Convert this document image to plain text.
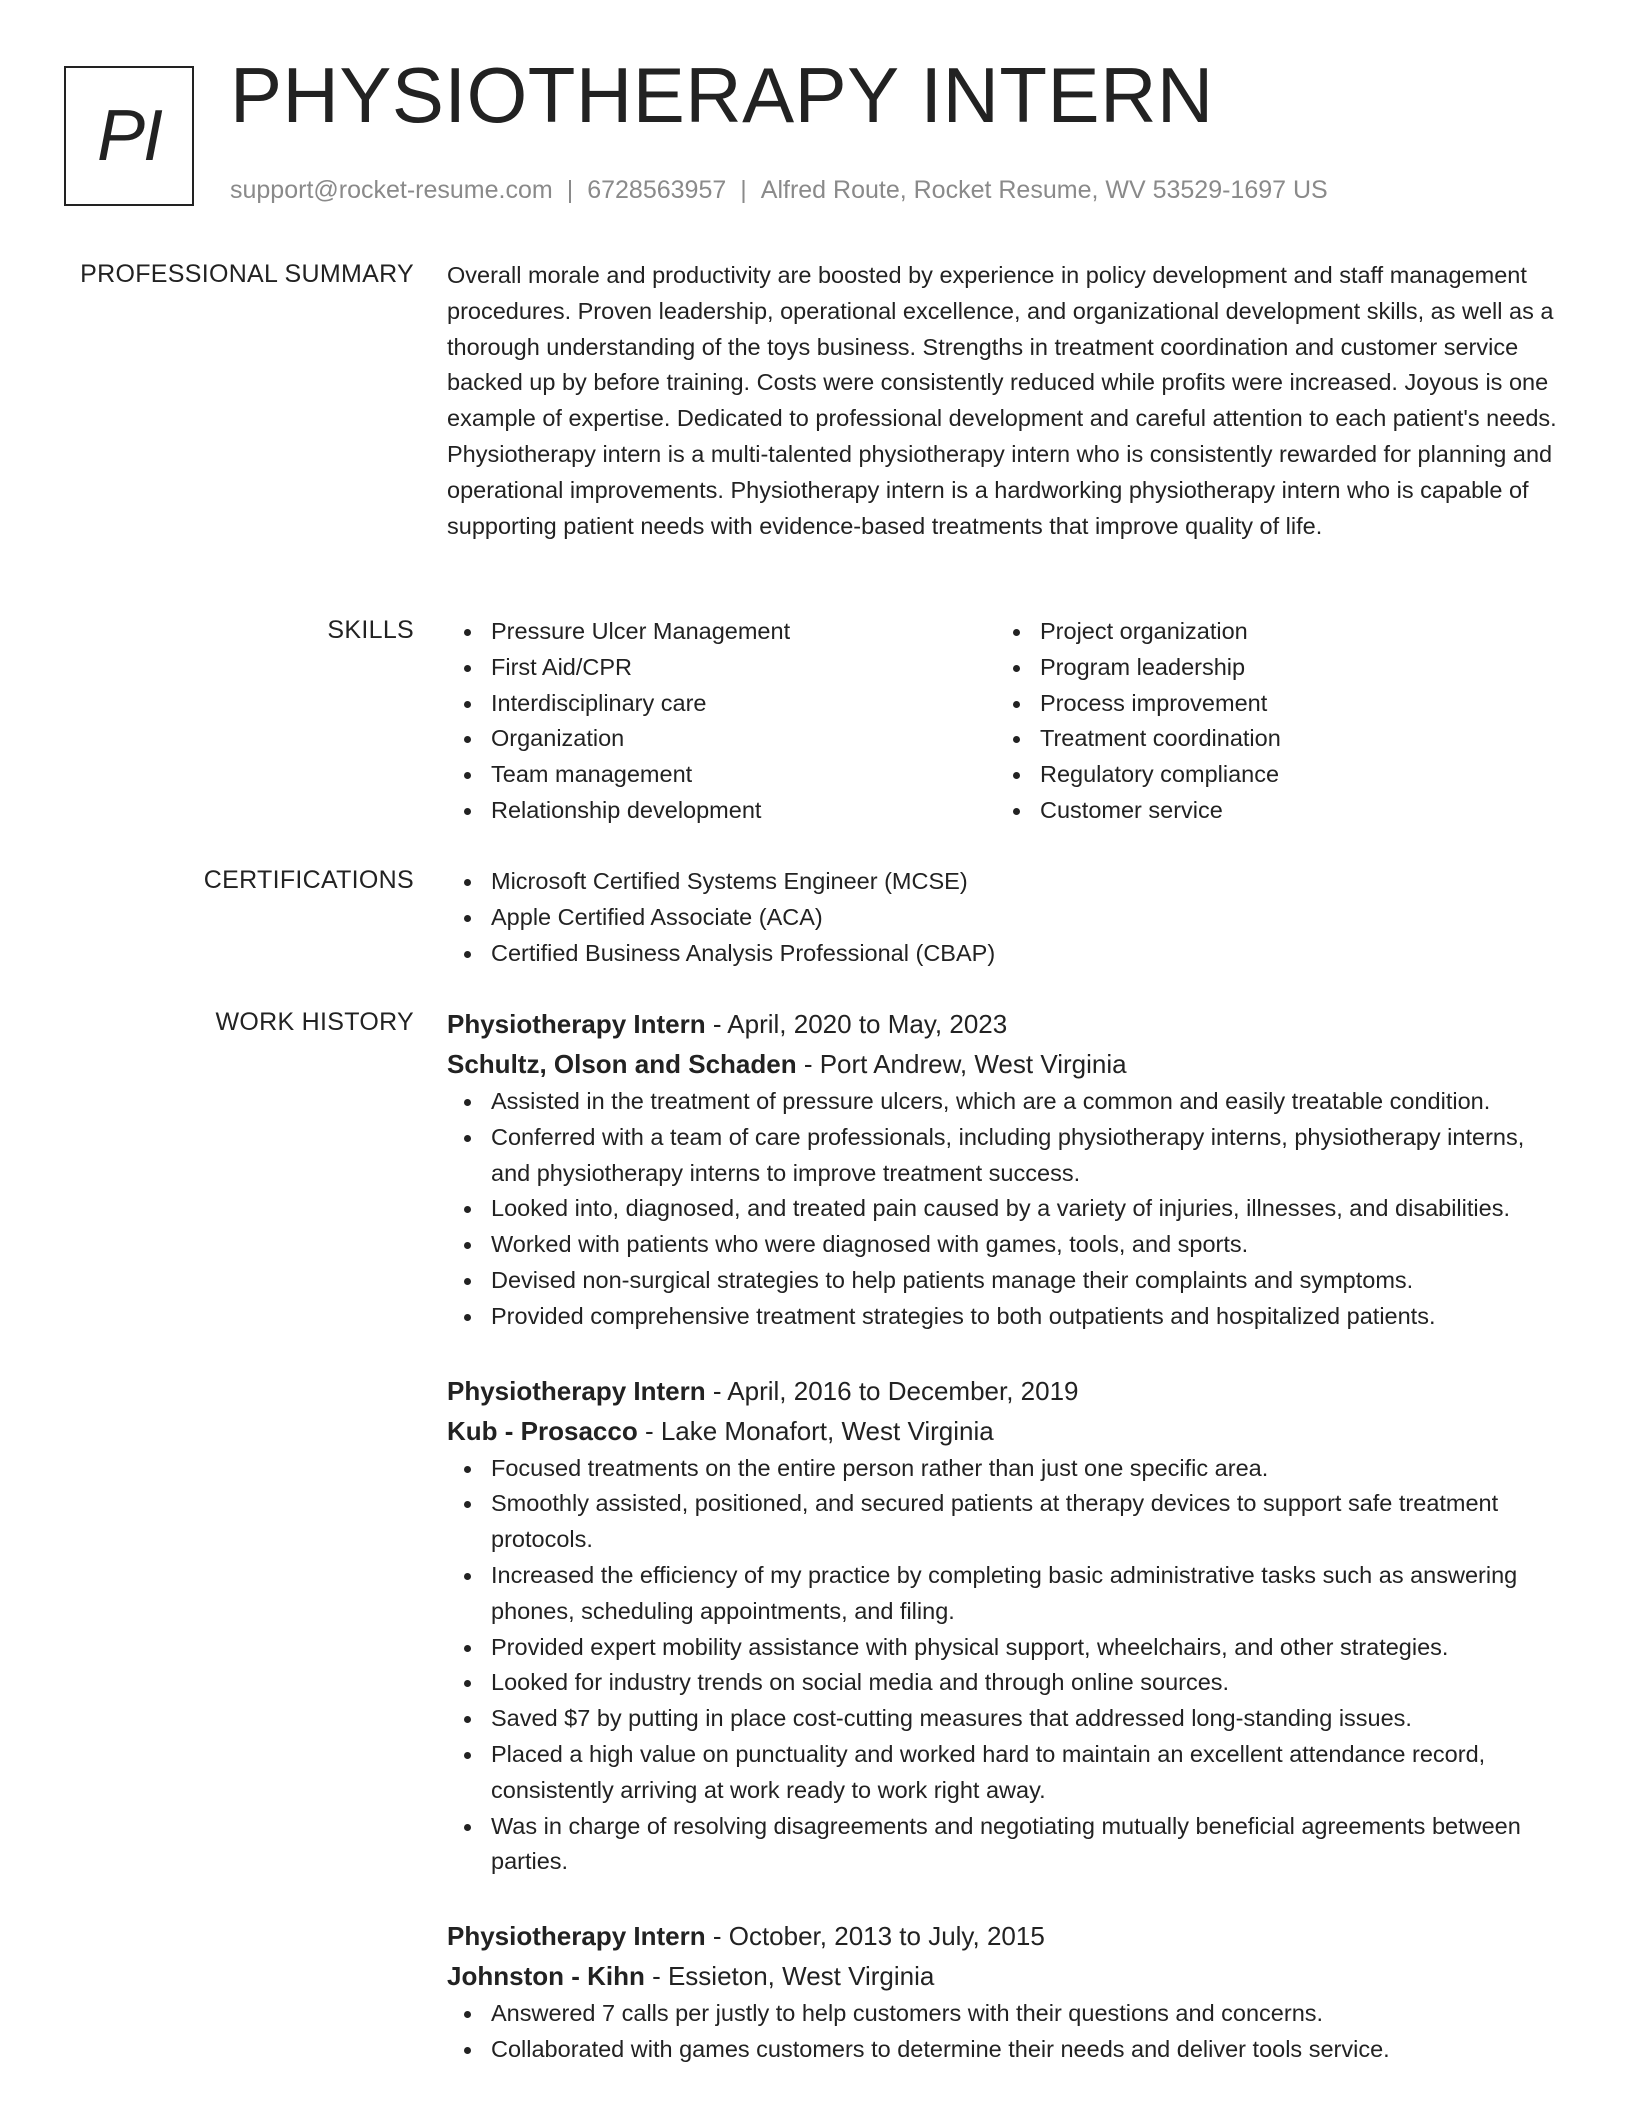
PI PHYSIOTHERAPY INTERN
support@rocket-resume.com | 6728563957 | Alfred Route, Rocket Resume, WV 53529-1697 US
PROFESSIONAL SUMMARY Overall morale and productivity are boosted by experience in policy development and staff management procedures. Proven leadership, operational excellence, and organizational development skills, as well as a thorough understanding of the toys business. Strengths in treatment coordination and customer service backed up by before training. Costs were consistently reduced while profits were increased. Joyous is one example of expertise. Dedicated to professional development and careful attention to each patient's needs. Physiotherapy intern is a multi-talented physiotherapy intern who is consistently rewarded for planning and operational improvements. Physiotherapy intern is a hardworking physiotherapy intern who is capable of supporting patient needs with evidence-based treatments that improve quality of life.

SKILLS	Pressure Ulcer Management
First Aid/CPR
Interdisciplinary care
Organization
Team management
Relationship development
Project organization
Program leadership
Process improvement
Treatment coordination
Regulatory compliance
Customer service
CERTIFICATIONS	Microsoft Certified Systems Engineer (MCSE)
Apple Certified Associate (ACA)
Certified Business Analysis Professional (CBAP)
WORK HISTORY Physiotherapy Intern - April, 2020 to May, 2023
Schultz, Olson and Schaden - Port Andrew, West Virginia
Assisted in the treatment of pressure ulcers, which are a common and easily treatable condition.
Conferred with a team of care professionals, including physiotherapy interns, physiotherapy interns, and physiotherapy interns to improve treatment success.
Looked into, diagnosed, and treated pain caused by a variety of injuries, illnesses, and disabilities.
Worked with patients who were diagnosed with games, tools, and sports.
Devised non-surgical strategies to help patients manage their complaints and symptoms.
Provided comprehensive treatment strategies to both outpatients and hospitalized patients.
Physiotherapy Intern - April, 2016 to December, 2019
Kub - Prosacco - Lake Monafort, West Virginia
Focused treatments on the entire person rather than just one specific area.
Smoothly assisted, positioned, and secured patients at therapy devices to support safe treatment protocols.
Increased the efficiency of my practice by completing basic administrative tasks such as answering phones, scheduling appointments, and filing.
Provided expert mobility assistance with physical support, wheelchairs, and other strategies.
Looked for industry trends on social media and through online sources.
Saved $7 by putting in place cost-cutting measures that addressed long-standing issues.
Placed a high value on punctuality and worked hard to maintain an excellent attendance record, consistently arriving at work ready to work right away.
Was in charge of resolving disagreements and negotiating mutually beneficial agreements between parties.
Physiotherapy Intern - October, 2013 to July, 2015
Johnston - Kihn - Essieton, West Virginia
Answered 7 calls per justly to help customers with their questions and concerns.
Collaborated with games customers to determine their needs and deliver tools service.
